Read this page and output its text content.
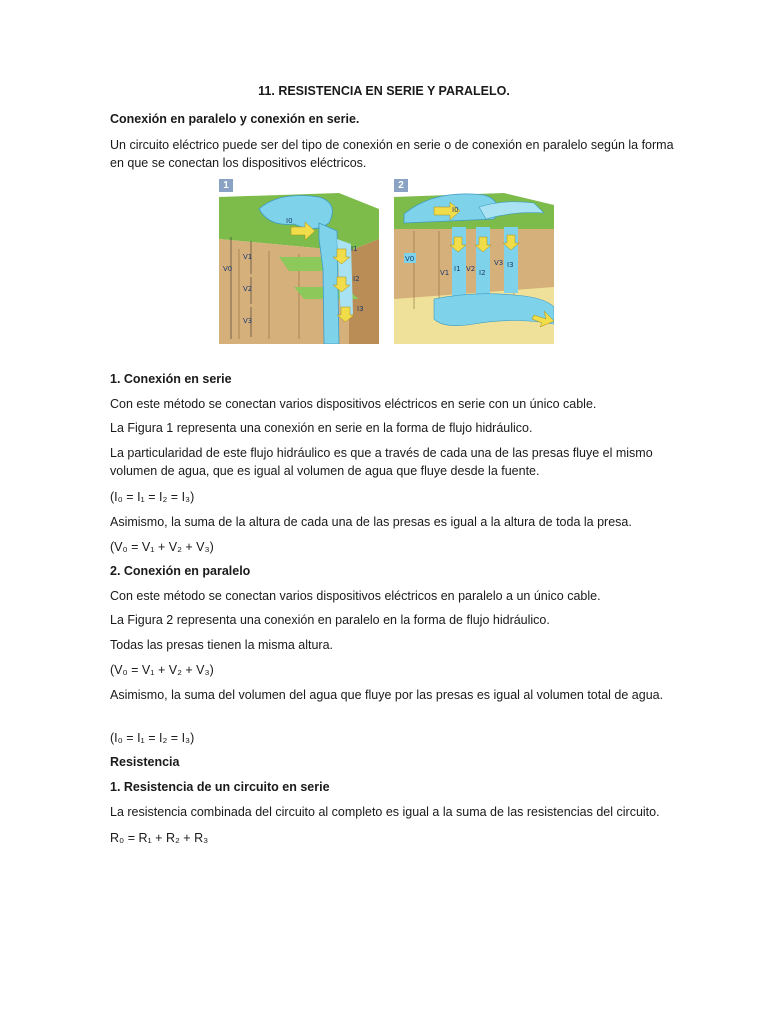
11. RESISTENCIA EN SERIE Y PARALELO.
Conexión en paralelo y conexión en serie.
Un circuito eléctrico puede ser del tipo de conexión en serie o de conexión en paralelo según la forma en que se conectan los dispositivos eléctricos.
I0
V0
V1
V2
V3
I1
I2
I3
1
V0
I0
V1 I1 V2 I2
V3 I3
2
1. Conexión en serie
Con este método se conectan varios dispositivos eléctricos en serie con un único cable.
La Figura 1 representa una conexión en serie en la forma de flujo hidráulico.
La particularidad de este flujo hidráulico es que a través de cada una de las presas fluye el mismo volumen de agua, que es igual al volumen de agua que fluye desde la fuente.
(I₀ = I₁ = I₂ = I₃)
Asimismo, la suma de la altura de cada una de las presas es igual a la altura de toda la presa.
(V₀ = V₁ + V₂ + V₃)
2. Conexión en paralelo
Con este método se conectan varios dispositivos eléctricos en paralelo a un único cable.
La Figura 2 representa una conexión en paralelo en la forma de flujo hidráulico.
Todas las presas tienen la misma altura.
(V₀ = V₁ + V₂ + V₃)
Asimismo, la suma del volumen del agua que fluye por las presas es igual al volumen total de agua.
(I₀ = I₁ = I₂ = I₃)
Resistencia
1. Resistencia de un circuito en serie
La resistencia combinada del circuito al completo es igual a la suma de las resistencias del circuito.
R₀ = R₁ + R₂ + R₃
